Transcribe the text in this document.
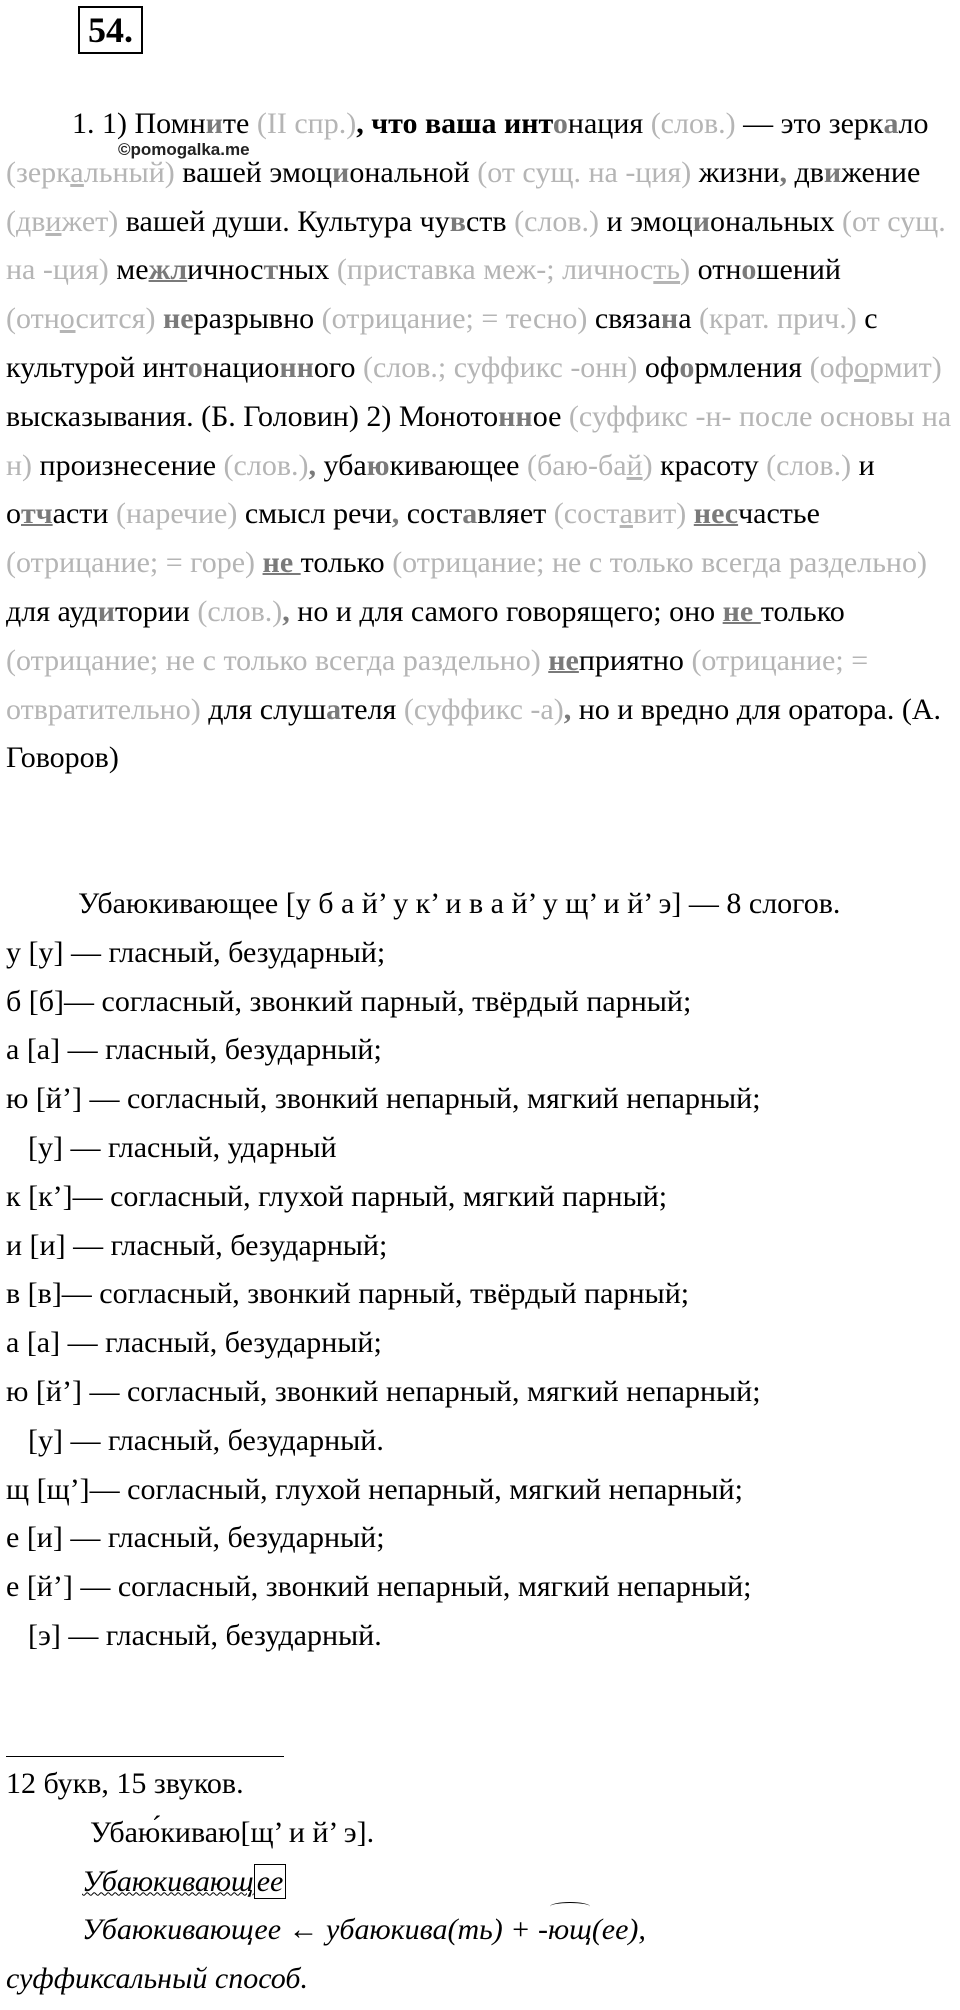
54.
©pomogalka.me
1. 1) Помните (II спр.), что ваша интонация (слов.) — это зеркало (зеркальный) вашей эмоциональной (от сущ. на -ция) жизни, движение (движет) вашей души. Культура чувств (слов.) и эмоциональных (от сущ. на -ция) межличностных (приставка меж-; личность) отношений (относится) неразрывно (отрицание; = тесно) связана (крат. прич.) с культурой интонационного (слов.; суффикс -онн) оформления (оформит) высказывания. (Б. Головин) 2) Монотонное (суффикс -н- после основы на н) произнесение (слов.), убаюкивающее (баю-бай) красоту (слов.) и отчасти (наречие) смысл речи, составляет (составит) несчастье (отрицание; = горе) не только (отрицание; не с только всегда раздельно) для аудитории (слов.), но и для самого говорящего; оно не только (отрицание; не с только всегда раздельно) неприятно (отрицание; = отвратительно) для слушателя (суффикс -а), но и вредно для оратора. (А. Говоров)
Убаюкивающее [у б а й’ у к’ и в а й’ у щ’ и й’ э] — 8 слогов.
у [у] — гласный, безударный;
б [б]— согласный, звонкий парный, твёрдый парный;
а [а] — гласный, безударный;
ю [й’] — согласный, звонкий непарный, мягкий непарный;
[у] — гласный, ударный
к [к’]— согласный, глухой парный, мягкий парный;
и [и] — гласный, безударный;
в [в]— согласный, звонкий парный, твёрдый парный;
а [а] — гласный, безударный;
ю [й’] — согласный, звонкий непарный, мягкий непарный;
[у] — гласный, безударный.
щ [щ’]— согласный, глухой непарный, мягкий непарный;
е [и] — гласный, безударный;
е [й’] — согласный, звонкий непарный, мягкий непарный;
[э] — гласный, безударный.
12 букв, 15 звуков.
Убаю́киваю[щ’ и й’ э].
Убаюкивающ ее
Убаюкивающее ← убаюкива(ть) + -ющ(ее),
суффиксальный способ.
